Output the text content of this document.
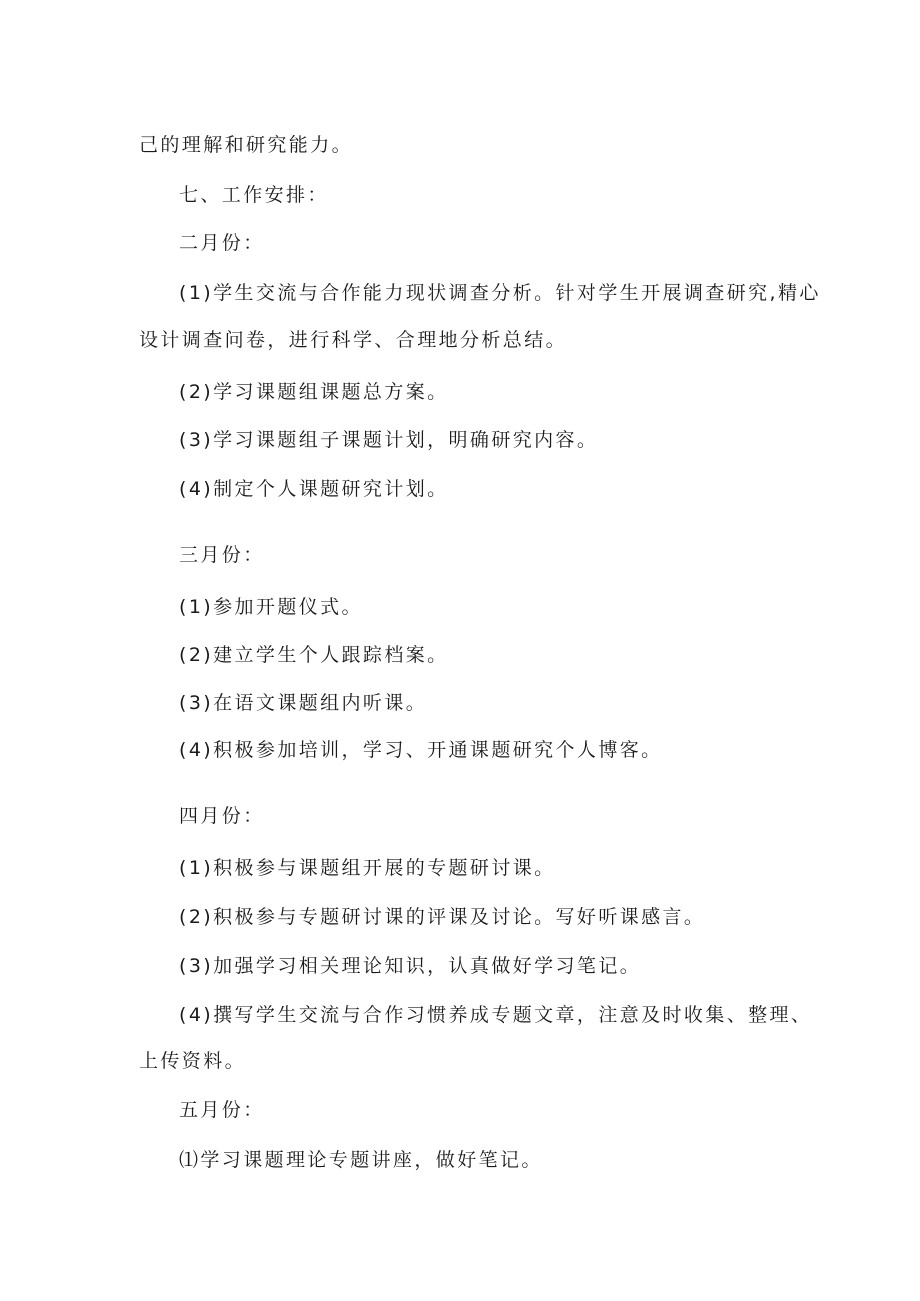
己的理解和研究能力。
七、工作安排：
二月份：
(1)学生交流与合作能力现状调查分析。针对学生开展调查研究,精心
设计调查问卷，进行科学、合理地分析总结。
(2)学习课题组课题总方案。
(3)学习课题组子课题计划，明确研究内容。
(4)制定个人课题研究计划。
三月份：
(1)参加开题仪式。
(2)建立学生个人跟踪档案。
(3)在语文课题组内听课。
(4)积极参加培训，学习、开通课题研究个人博客。
四月份：
(1)积极参与课题组开展的专题研讨课。
(2)积极参与专题研讨课的评课及讨论。写好听课感言。
(3)加强学习相关理论知识，认真做好学习笔记。
(4)撰写学生交流与合作习惯养成专题文章，注意及时收集、整理、
上传资料。
五月份：
⑴学习课题理论专题讲座，做好笔记。
